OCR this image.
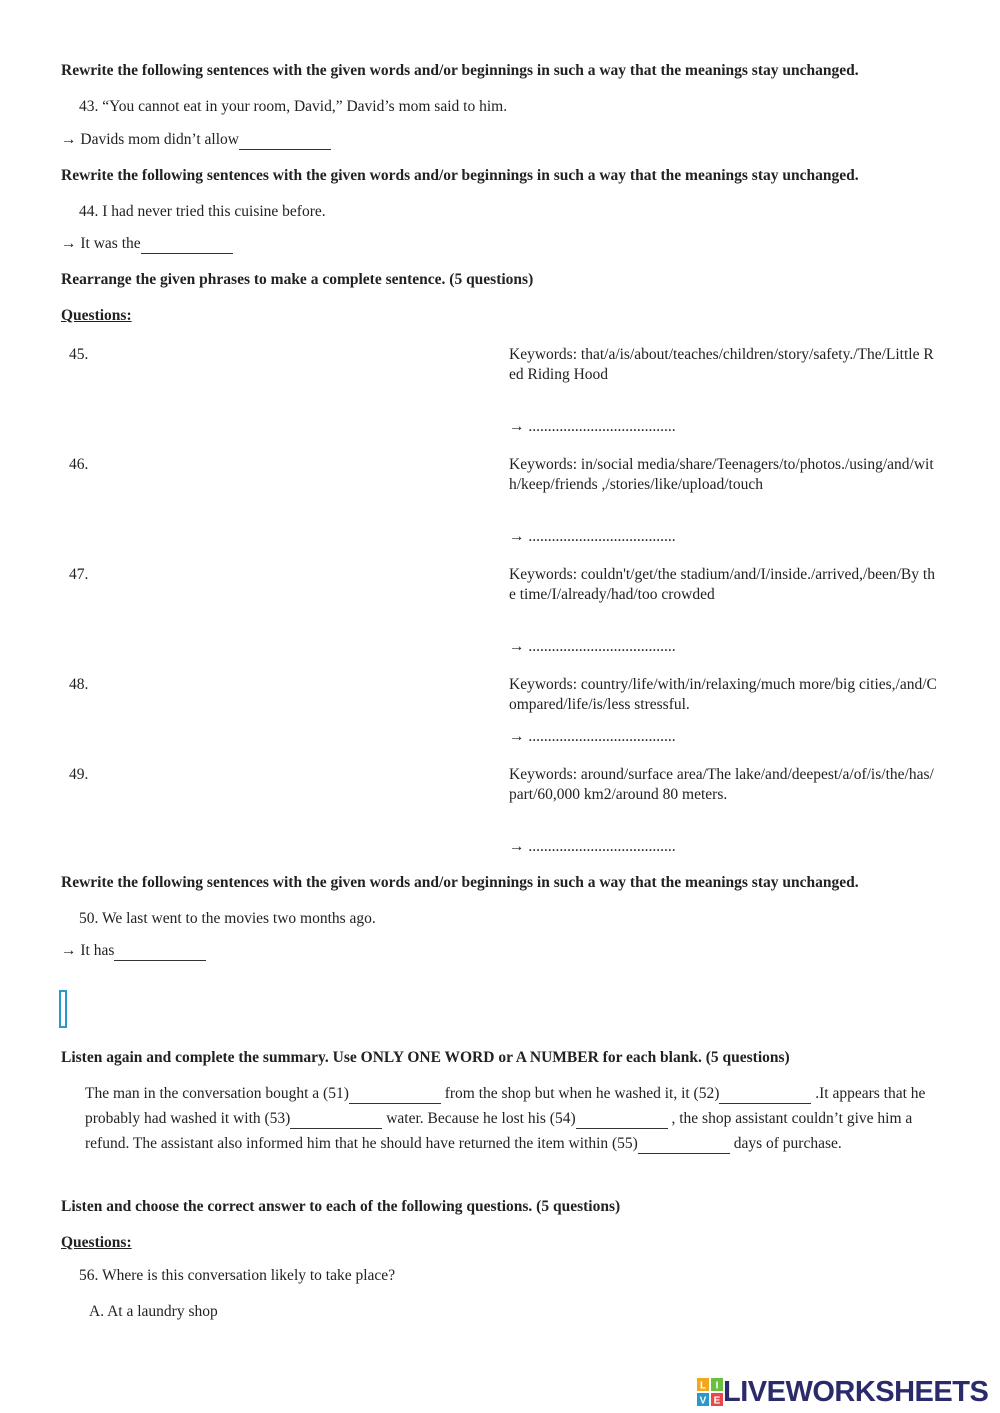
Rewrite the following sentences with the given words and/or beginnings in such a way that the meanings stay unchanged.
43. “You cannot eat in your room, David,” David’s mom said to him.
→ Davids mom didn’t allow
Rewrite the following sentences with the given words and/or beginnings in such a way that the meanings stay unchanged.
44. I had never tried this cuisine before.
→ It was the
Rearrange the given phrases to make a complete sentence. (5 questions)
Questions:
45.	Keywords: that/a/is/about/teaches/children/story/safety./The/Little Red Riding Hood
→ ......................................
46.	Keywords: in/social media/share/Teenagers/to/photos./using/and/with/keep/friends ,/stories/like/upload/touch
→ ......................................
47.	Keywords: couldn't/get/the stadium/and/I/inside./arrived,/been/By the time/I/already/had/too crowded
→ ......................................
48.	Keywords: country/life/with/in/relaxing/much more/big cities,/and/Compared/life/is/less stressful.
→ ......................................
49.	Keywords: around/surface area/The lake/and/deepest/a/of/is/the/has/part/60,000 km2/around 80 meters.
→ ......................................
Rewrite the following sentences with the given words and/or beginnings in such a way that the meanings stay unchanged.
50. We last went to the movies two months ago.
→ It has
Listen again and complete the summary. Use ONLY ONE WORD or A NUMBER for each blank. (5 questions)
The man in the conversation bought a (51)	from the shop but when he washed it, it (52)	.It appears that he probably had washed it with (53)	water. Because he lost his (54)	, the shop assistant couldn’t give him a refund. The assistant also informed him that he should have returned the item within (55)	days of purchase.
Listen and choose the correct answer to each of the following questions. (5 questions)
Questions:
56. Where is this conversation likely to take place?
A. At a laundry shop
L I
V E LIVEWORKSHEETS
